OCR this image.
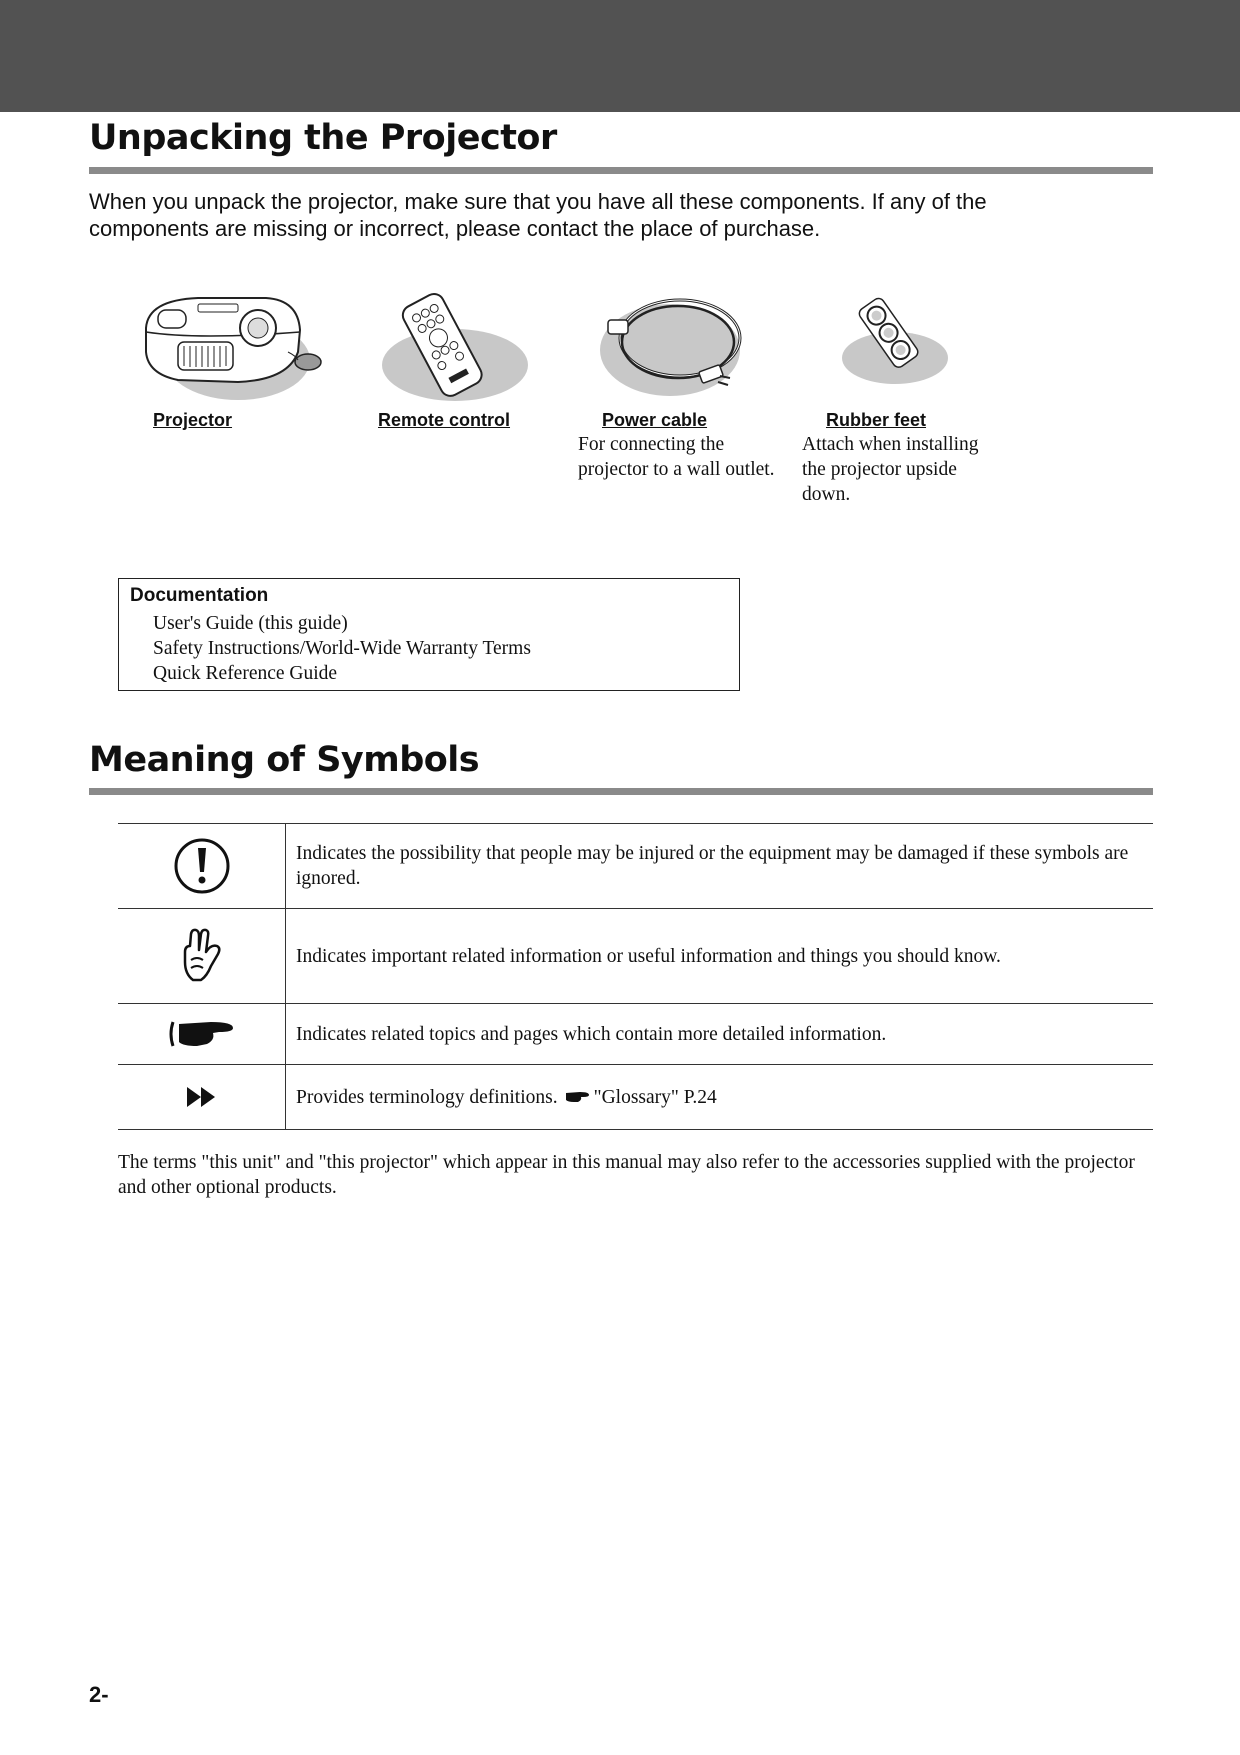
Unpacking the Projector

When you unpack the projector, make sure that you have all these components. If any of the components are missing or incorrect, please contact the place of purchase.

Projector	Remote control	Power cable
For connecting the projector to a wall outlet.
Rubber feet
Attach when installing the projector upside down.
Documentation
User's Guide (this guide)
Safety Instructions/World-Wide Warranty Terms
Quick Reference Guide
Meaning of Symbols
Indicates the possibility that people may be injured or the equipment may be damaged if these symbols are ignored.
Indicates important related information or useful information and things you should know.
Indicates related topics and pages which contain more detailed information.
Provides terminology definitions. "Glossary" P.24

The terms "this unit" and "this projector" which appear in this manual may also refer to the accessories supplied with the projector and other optional products.

2-
